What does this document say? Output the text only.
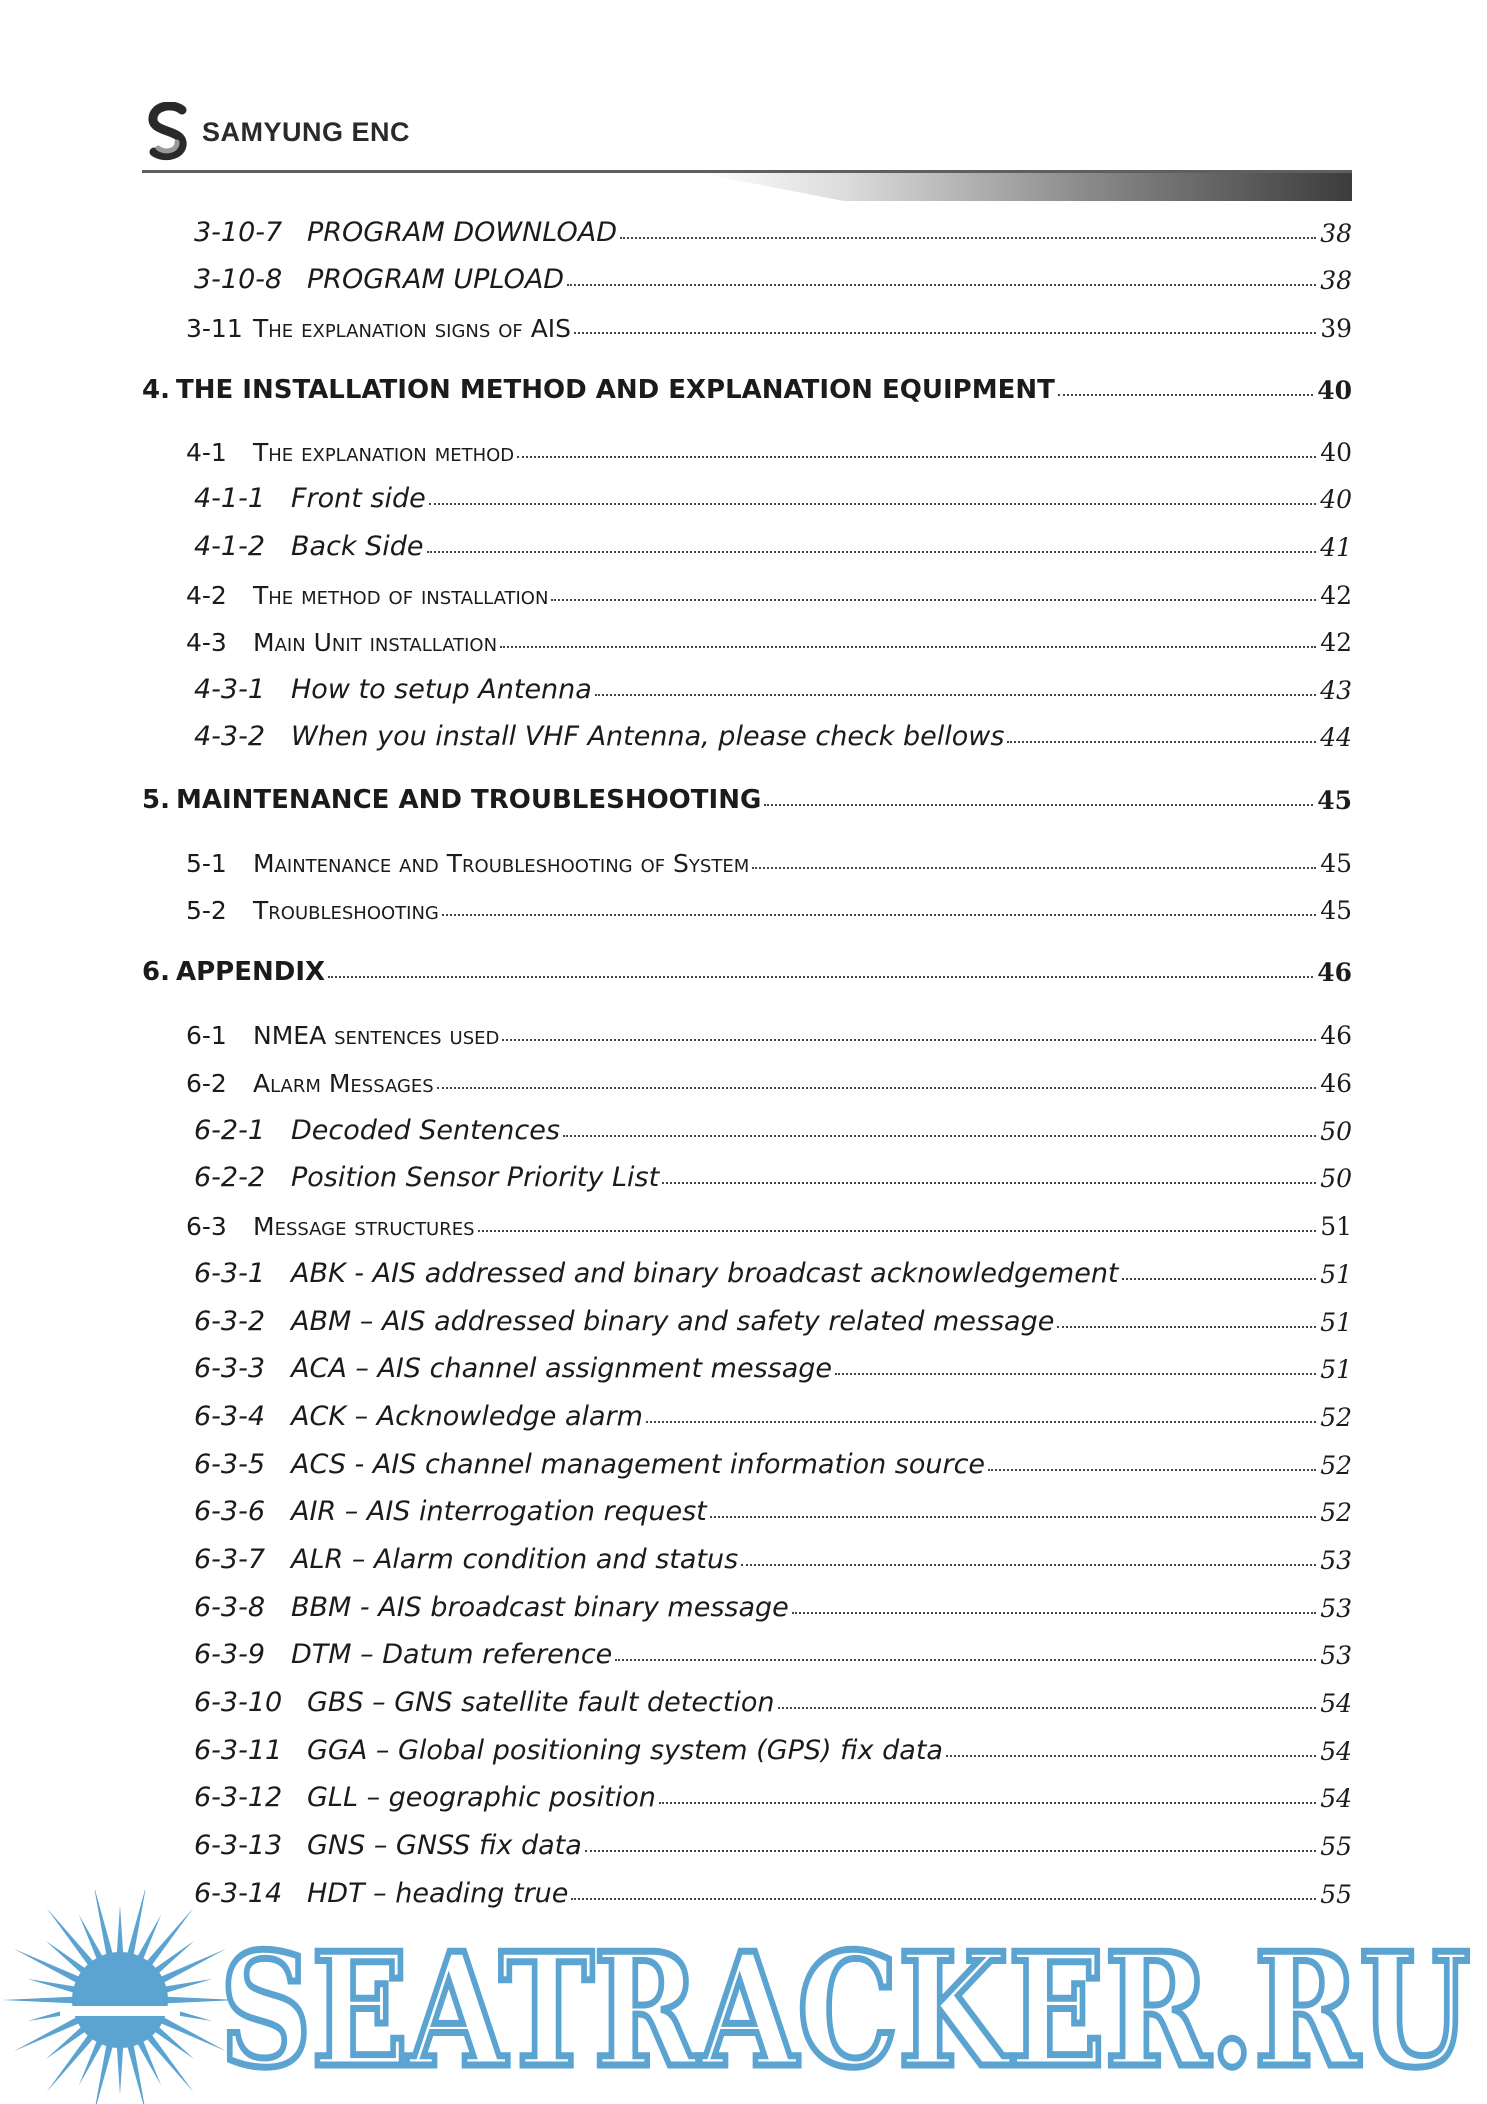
SAMYUNG ENC
3-10-7 PROGRAM DOWNLOAD	38
3-10-8 PROGRAM UPLOAD	38
3-11 The explanation signs of AIS	39
4. THE INSTALLATION METHOD AND EXPLANATION EQUIPMENT	40
4-1	The explanation method	40
4-1-1 Front side	40
4-1-2 Back Side	41
4-2	The method of installation	42
4-3	Main Unit installation	42
4-3-1 How to setup Antenna	43
4-3-2 When you install VHF Antenna, please check bellows	44
5. MAINTENANCE AND TROUBLESHOOTING	45
5-1	Maintenance and Troubleshooting of System	45
5-2	Troubleshooting	45
6. APPENDIX	46
6-1	NMEA sentences used	46
6-2	Alarm Messages	46
6-2-1 Decoded Sentences	50
6-2-2 Position Sensor Priority List	50
6-3	Message structures	51
6-3-1 ABK - AIS addressed and binary broadcast acknowledgement	51
6-3-2 ABM – AIS addressed binary and safety related message	51
6-3-3 ACA – AIS channel assignment message	51
6-3-4 ACK – Acknowledge alarm	52
6-3-5 ACS - AIS channel management information source	52
6-3-6 AIR – AIS interrogation request	52
6-3-7 ALR – Alarm condition and status	53
6-3-8 BBM - AIS broadcast binary message	53
6-3-9 DTM – Datum reference	53
6-3-10 GBS – GNS satellite fault detection	54
6-3-11 GGA – Global positioning system (GPS) fix data	54
6-3-12 GLL – geographic position	54
6-3-13 GNS – GNSS fix data	55
6-3-14 HDT – heading true	55
SEATRACKER.RU
